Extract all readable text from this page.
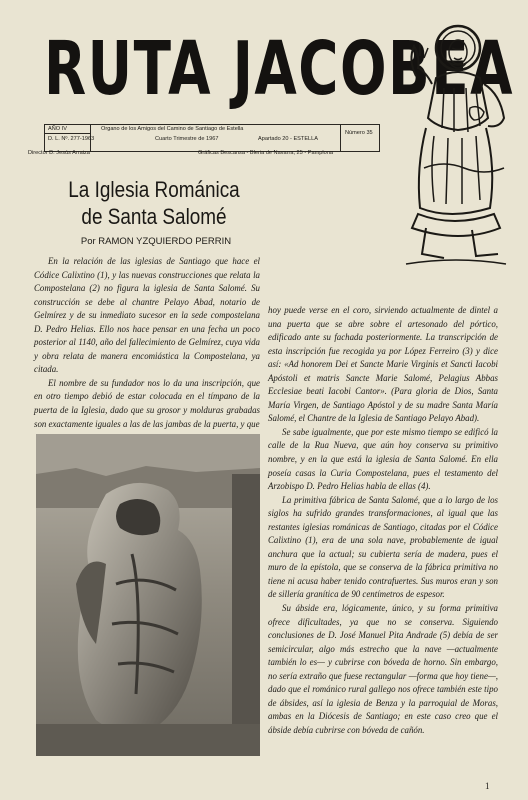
RUTA JACOBEA
AÑO IV
D. L. Nº. 277-1963
Organo de los Amigos del Camino de Santiago de Estella
Cuarto Trimestre de 1967	Apartado 20 - ESTELLA
Número 35
Director D. Jesús Arraiza	Gráficas Bescansa - Bleria de Navarra, 25 - Pamplona
La Iglesia Románica
de Santa Salomé
Por RAMON YZQUIERDO PERRIN

En la relación de las iglesias de Santiago que hace el Códice Calixtino (1), y las nuevas construcciones que relata la Compostelana (2) no figura la iglesia de Santa Salomé. Su construcción se debe al chantre Pelayo Abad, notario de Gelmírez y de su inmediato sucesor en la sede compostelana D. Pedro Helias. Ello nos hace pensar en una fecha un poco posterior al 1140, año del fallecimiento de Gelmírez, cuya vida y obra relata de manera encomiástica la Compostelana, ya citada.

El nombre de su fundador nos lo da una inscripción, que en otro tiempo debió de estar colocada en el tímpano de la puerta de la Iglesia, dado que su grosor y molduras grabadas son exactamente iguales a las de las jambas de la puerta, y que

hoy puede verse en el coro, sirviendo actualmente de dintel a una puerta que se abre sobre el artesonado del pórtico, edificado ante su fachada posteriormente. La transcripción de esta inscripción fue recogida ya por López Ferreiro (3) y dice así: «Ad honorem Dei et Sancte Marie Virginis et Sancti Iacobi Apóstoli et matris Sancte Marie Salomé, Pelagius Abbas Ecclesiae beati Iacobi Cantor». (Para gloria de Dios, Santa María Virgen, de Santiago Apóstol y de su madre Santa María Salomé, el Chantre de la Iglesia de Santiago Pelayo Abad).

Se sabe igualmente, que por este mismo tiempo se edificó la calle de la Rua Nueva, que aún hoy conserva su primitivo nombre, y en la que está la iglesia de Santa Salomé. En ella poseía casas la Curia Compostelana, pues el testamento del Arzobispo D. Pedro Helias habla de ellas (4).

La primitiva fábrica de Santa Salomé, que a lo largo de los siglos ha sufrido grandes transformaciones, al igual que las restantes iglesias románicas de Santiago, citadas por el Códice Calixtino (1), era de una sola nave, probablemente de igual anchura que la actual; su cubierta sería de madera, pues el muro de la epístola, que se conserva de la fábrica primitiva no tiene ni acusa haber tenido contrafuertes. Sus muros eran y son de sillería granítica de 90 centímetros de espesor.

Su ábside era, lógicamente, único, y su forma primitiva ofrece dificultades, ya que no se conserva. Siguiendo conclusiones de D. José Manuel Pita Andrade (5) debía de ser semicircular, algo más estrecho que la nave —actualmente también lo es— y cubrirse con bóveda de horno. Sin embargo, no sería extraño que fuese rectangular —forma que hoy tiene—, dado que el románico rural gallego nos ofrece también este tipo de ábsides, así la iglesia de Benza y la parroquial de Moras, ambas en la Diócesis de Santiago; en este caso creo que el ábside debía cubrirse con bóveda de cañón.

1
